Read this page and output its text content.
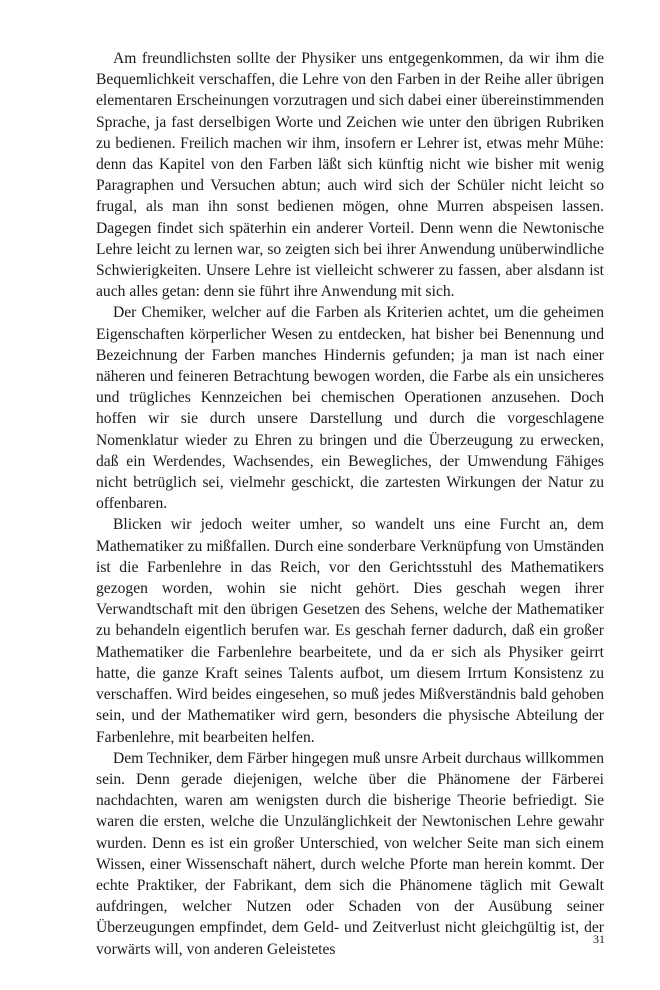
Am freundlichsten sollte der Physiker uns entgegenkommen, da wir ihm die Bequemlichkeit verschaffen, die Lehre von den Farben in der Reihe aller übrigen elementaren Erscheinungen vorzutragen und sich dabei einer übereinstimmenden Sprache, ja fast derselbigen Worte und Zeichen wie unter den übrigen Rubriken zu bedienen. Freilich machen wir ihm, insofern er Lehrer ist, etwas mehr Mühe: denn das Kapitel von den Farben läßt sich künftig nicht wie bisher mit wenig Paragraphen und Versuchen abtun; auch wird sich der Schüler nicht leicht so frugal, als man ihn sonst bedienen mögen, ohne Murren abspeisen lassen. Dagegen findet sich späterhin ein anderer Vorteil. Denn wenn die Newtonische Lehre leicht zu lernen war, so zeigten sich bei ihrer Anwendung unüberwindliche Schwierigkeiten. Unsere Lehre ist vielleicht schwerer zu fassen, aber alsdann ist auch alles getan: denn sie führt ihre Anwendung mit sich.

Der Chemiker, welcher auf die Farben als Kriterien achtet, um die geheimen Eigenschaften körperlicher Wesen zu entdecken, hat bisher bei Benennung und Bezeichnung der Farben manches Hindernis gefunden; ja man ist nach einer näheren und feineren Betrachtung bewogen worden, die Farbe als ein unsicheres und trügliches Kennzeichen bei chemischen Operationen anzusehen. Doch hoffen wir sie durch unsere Darstellung und durch die vorgeschlagene Nomenklatur wieder zu Ehren zu bringen und die Überzeugung zu erwecken, daß ein Werdendes, Wachsendes, ein Bewegliches, der Umwendung Fähiges nicht betrüglich sei, vielmehr geschickt, die zartesten Wirkungen der Natur zu offenbaren.

Blicken wir jedoch weiter umher, so wandelt uns eine Furcht an, dem Mathematiker zu mißfallen. Durch eine sonderbare Verknüpfung von Umständen ist die Farbenlehre in das Reich, vor den Gerichtsstuhl des Mathematikers gezogen worden, wohin sie nicht gehört. Dies geschah wegen ihrer Verwandtschaft mit den übrigen Gesetzen des Sehens, welche der Mathematiker zu behandeln eigentlich berufen war. Es geschah ferner dadurch, daß ein großer Mathematiker die Farbenlehre bearbeitete, und da er sich als Physiker geirrt hatte, die ganze Kraft seines Talents aufbot, um diesem Irrtum Konsistenz zu verschaffen. Wird beides eingesehen, so muß jedes Mißverständnis bald gehoben sein, und der Mathematiker wird gern, besonders die physische Abteilung der Farbenlehre, mit bearbeiten helfen.

Dem Techniker, dem Färber hingegen muß unsre Arbeit durchaus willkommen sein. Denn gerade diejenigen, welche über die Phänomene der Färberei nachdachten, waren am wenigsten durch die bisherige Theorie befriedigt. Sie waren die ersten, welche die Unzulänglichkeit der Newtonischen Lehre gewahr wurden. Denn es ist ein großer Unterschied, von welcher Seite man sich einem Wissen, einer Wissenschaft nähert, durch welche Pforte man herein kommt. Der echte Praktiker, der Fabrikant, dem sich die Phänomene täglich mit Gewalt aufdringen, welcher Nutzen oder Schaden von der Ausübung seiner Überzeugungen empfindet, dem Geld- und Zeitverlust nicht gleichgültig ist, der vorwärts will, von anderen Geleistetes

31
